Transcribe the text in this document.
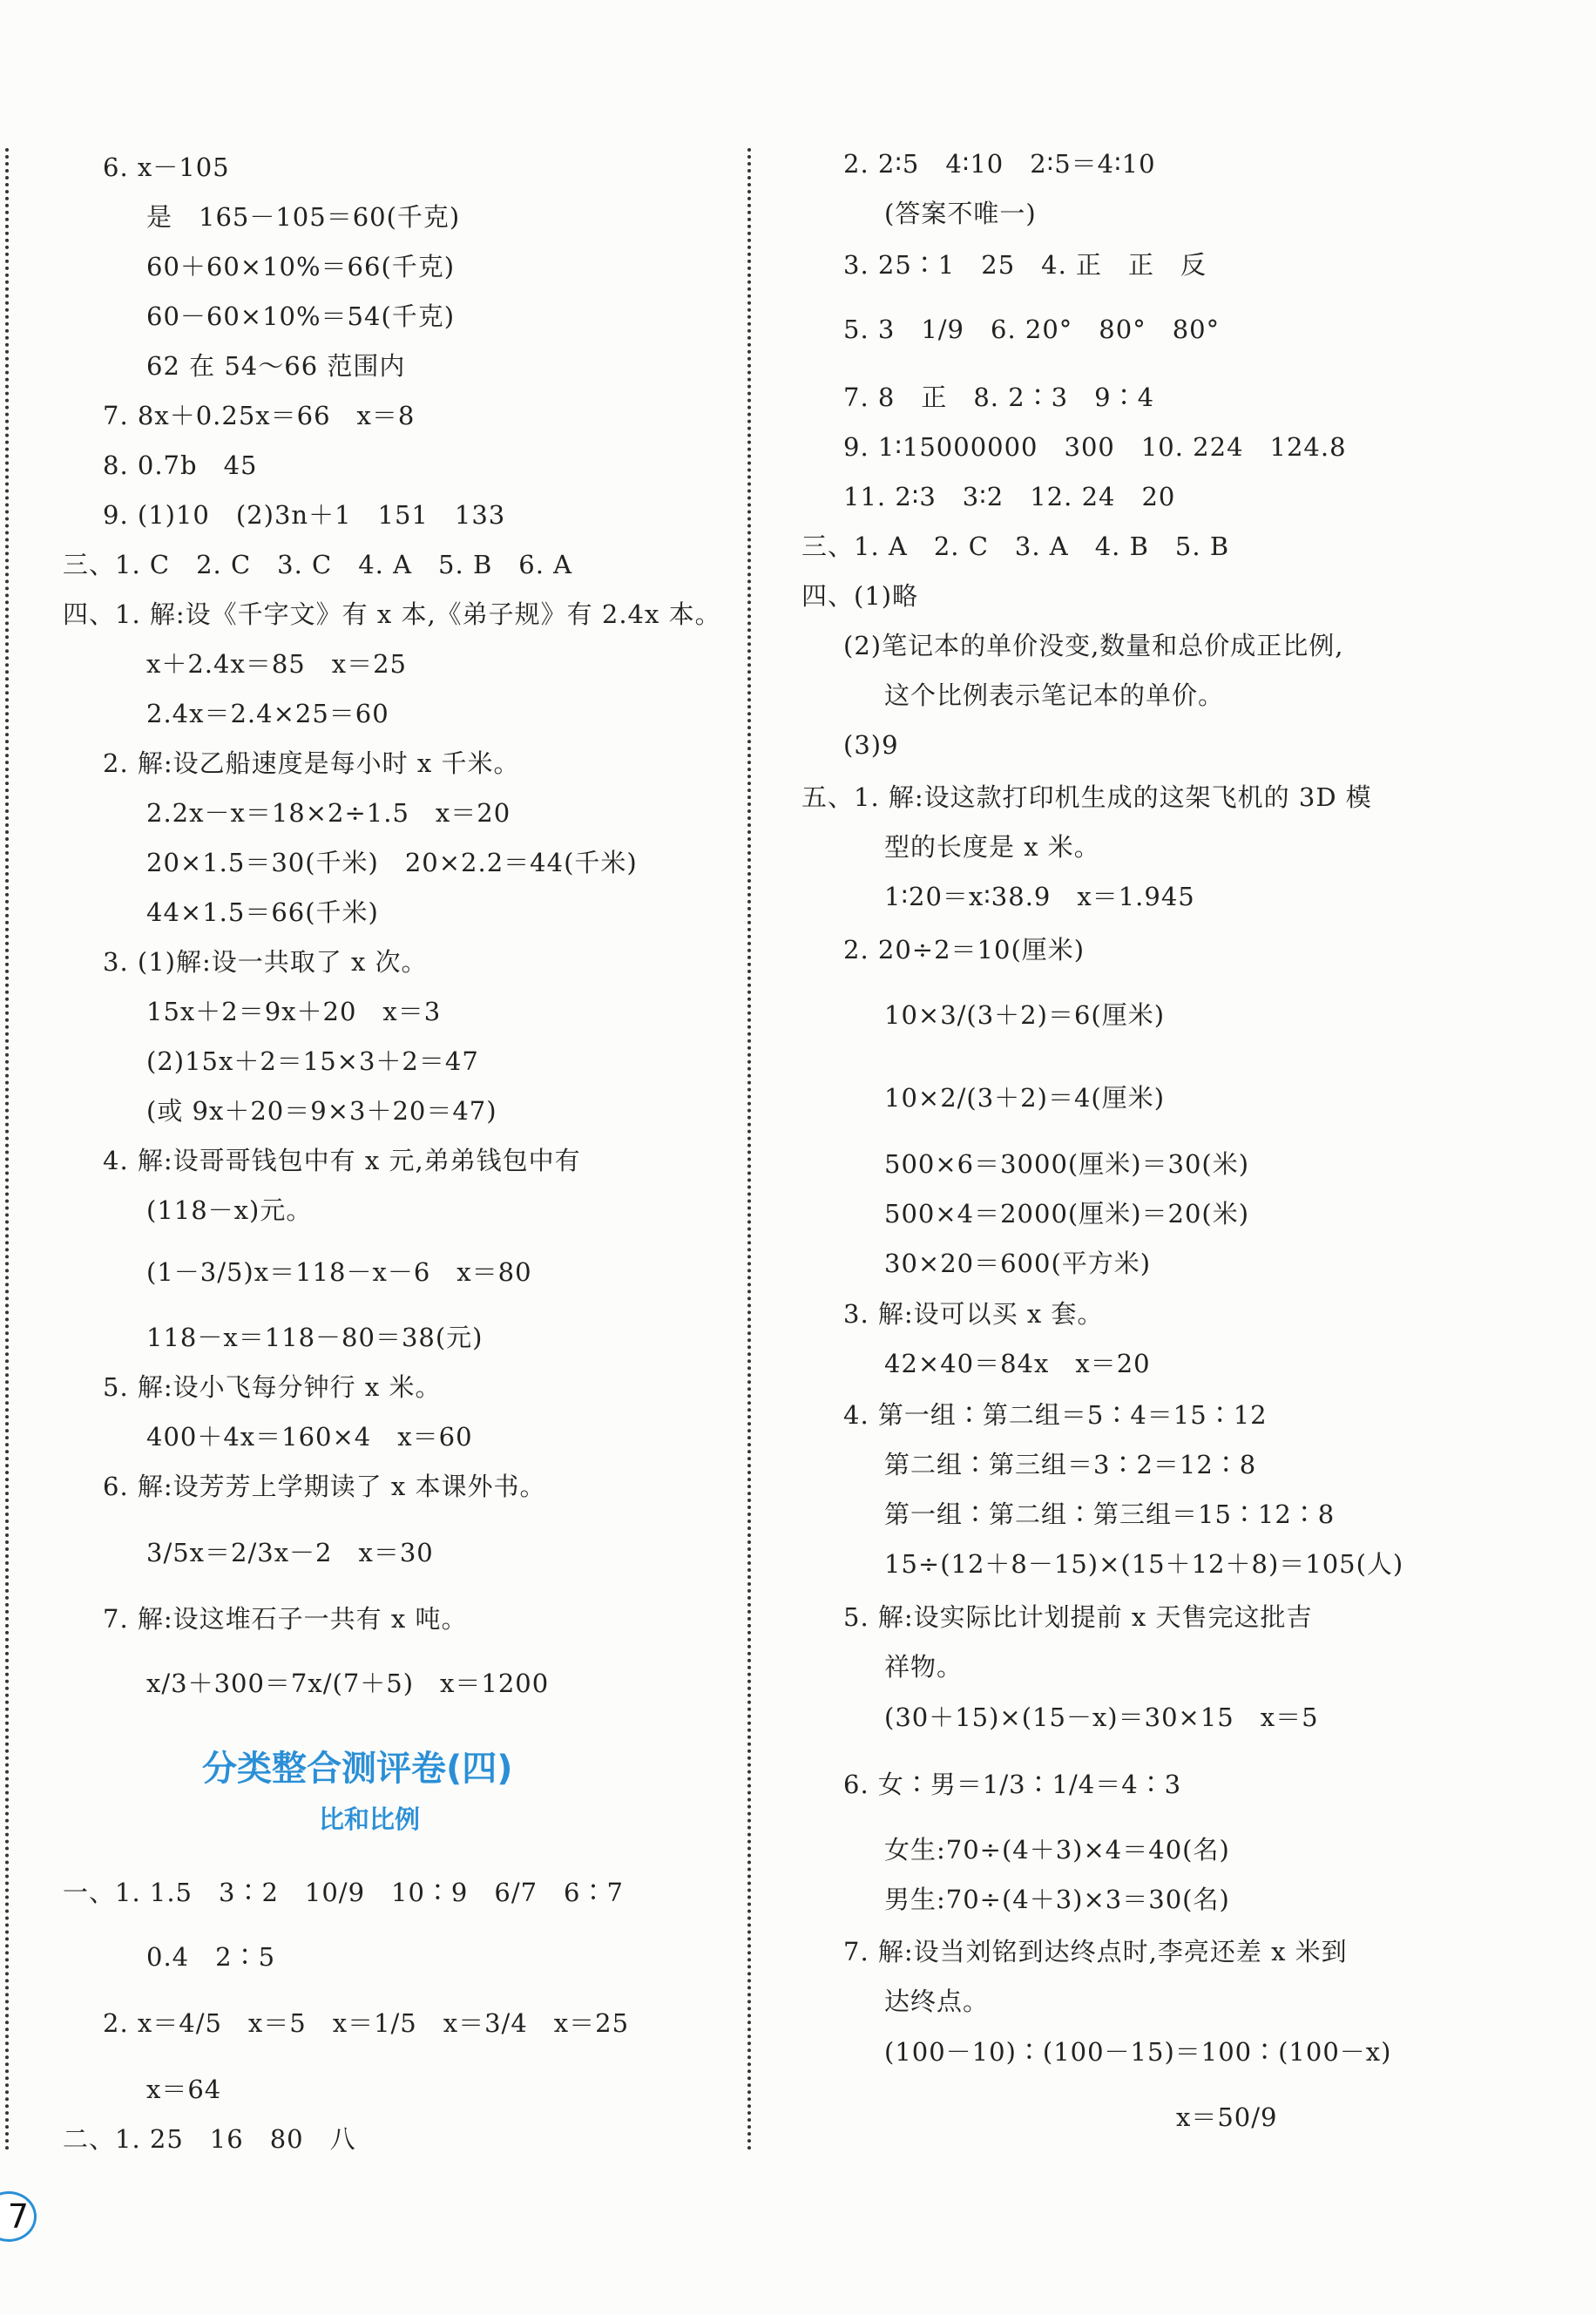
6. x－105
是　165－105＝60(千克)
60＋60×10%＝66(千克)
60－60×10%＝54(千克)
62 在 54～66 范围内
7. 8x＋0.25x＝66　x＝8
8. 0.7b　45
9. (1)10　(2)3n＋1　151　133
三、1. C　2. C　3. C　4. A　5. B　6. A
四、1. 解:设《千字文》有 x 本,《弟子规》有 2.4x 本。
x＋2.4x＝85　x＝25
2.4x＝2.4×25＝60
2. 解:设乙船速度是每小时 x 千米。
2.2x－x＝18×2÷1.5　x＝20
20×1.5＝30(千米)　20×2.2＝44(千米)
44×1.5＝66(千米)
3. (1)解:设一共取了 x 次。
15x＋2＝9x＋20　x＝3
(2)15x＋2＝15×3＋2＝47
(或 9x＋20＝9×3＋20＝47)
4. 解:设哥哥钱包中有 x 元,弟弟钱包中有
(118－x)元。
(1－3/5)x＝118－x－6　x＝80
118－x＝118－80＝38(元)
5. 解:设小飞每分钟行 x 米。
400＋4x＝160×4　x＝60
6. 解:设芳芳上学期读了 x 本课外书。
3/5x＝2/3x－2　x＝30
7. 解:设这堆石子一共有 x 吨。
x/3＋300＝7x/(7＋5)　x＝1200
分类整合测评卷(四)
比和比例
一、1. 1.5　3∶2　10/9　10∶9　6/7　6∶7
0.4　2∶5
2. x＝4/5　x＝5　x＝1/5　x＝3/4　x＝25
x＝64
二、1. 25　16　80　八
2. 2∶5　4∶10　2∶5＝4∶10
(答案不唯一)
3. 25∶1　25　4. 正　正　反
5. 3　1/9　6. 20°　80°　80°
7. 8　正　8. 2∶3　9∶4
9. 1∶15000000　300　10. 224　124.8
11. 2∶3　3∶2　12. 24　20
三、1. A　2. C　3. A　4. B　5. B
四、(1)略
(2)笔记本的单价没变,数量和总价成正比例,
这个比例表示笔记本的单价。
(3)9
五、1. 解:设这款打印机生成的这架飞机的 3D 模
型的长度是 x 米。
1∶20＝x∶38.9　x＝1.945
2. 20÷2＝10(厘米)
10×3/(3＋2)＝6(厘米)
10×2/(3＋2)＝4(厘米)
500×6＝3000(厘米)＝30(米)
500×4＝2000(厘米)＝20(米)
30×20＝600(平方米)
3. 解:设可以买 x 套。
42×40＝84x　x＝20
4. 第一组∶第二组＝5∶4＝15∶12
第二组∶第三组＝3∶2＝12∶8
第一组∶第二组∶第三组＝15∶12∶8
15÷(12＋8－15)×(15＋12＋8)＝105(人)
5. 解:设实际比计划提前 x 天售完这批吉
祥物。
(30＋15)×(15－x)＝30×15　x＝5
6. 女∶男＝1/3∶1/4＝4∶3
女生:70÷(4＋3)×4＝40(名)
男生:70÷(4＋3)×3＝30(名)
7. 解:设当刘铭到达终点时,李亮还差 x 米到
达终点。
(100－10)∶(100－15)＝100∶(100－x)
x＝50/9
7
